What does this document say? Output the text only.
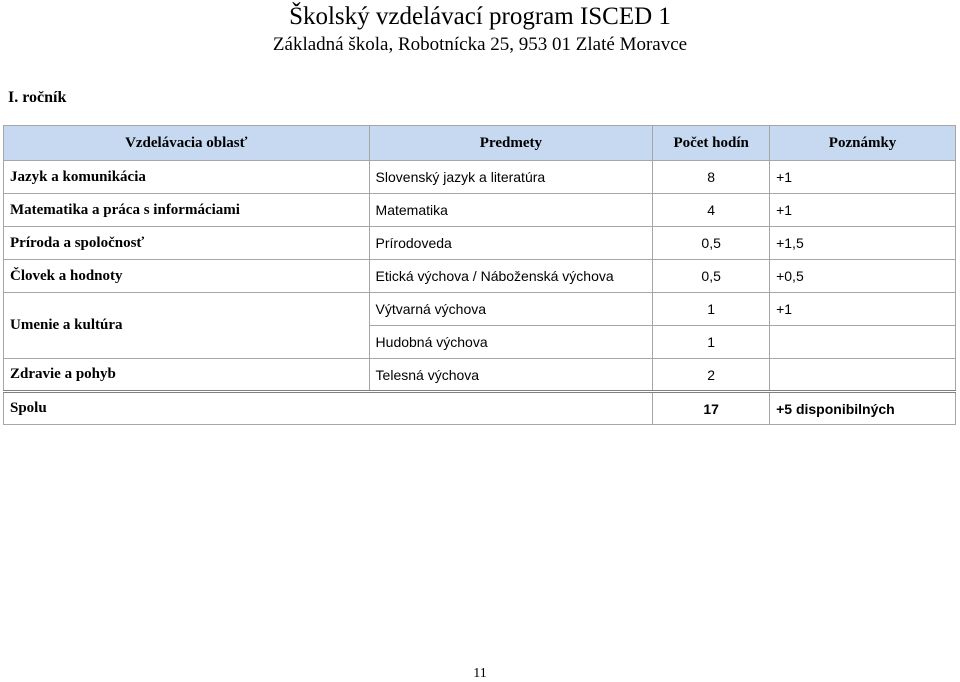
Školský vzdelávací program ISCED 1
Základná škola, Robotnícka 25, 953 01 Zlaté Moravce
I. ročník
Vzdelávacia oblasť	Predmety	Počet hodín	Poznámky
Jazyk a komunikácia	Slovenský jazyk a literatúra	8	+1
Matematika a práca s informáciami	Matematika	4	+1
Príroda a spoločnosť	Prírodoveda	0,5	+1,5
Človek a hodnoty	Etická výchova / Náboženská výchova	0,5	+0,5
Umenie a kultúra	Výtvarná výchova	1	+1
	Hudobná výchova	1	
Zdravie a pohyb	Telesná výchova	2	
Spolu		17	+5 disponibilných
11
